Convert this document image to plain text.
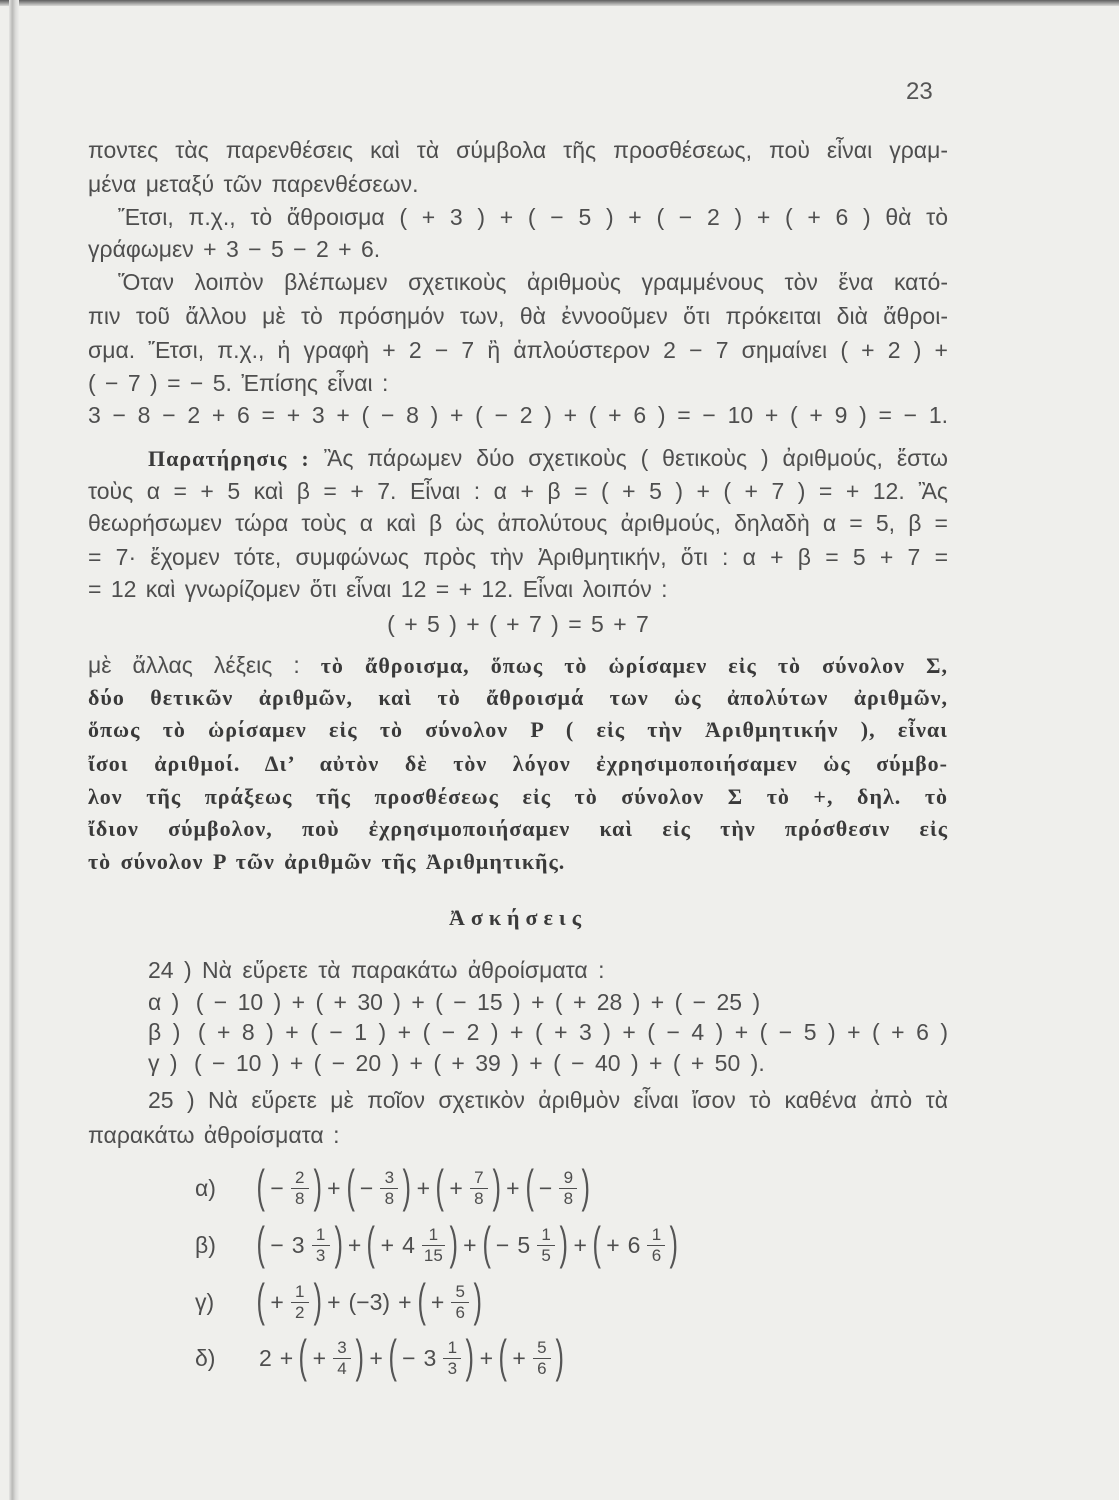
23
ποντες τὰς παρενθέσεις καὶ τὰ σύμβολα τῆς προσθέσεως, ποὺ εἶναι γραμ-
μένα μεταξύ τῶν παρενθέσεων.
Ἔτσι, π.χ., τὸ ἄθροισμα ( + 3 ) + ( − 5 ) + ( − 2 ) + ( + 6 ) θὰ τὸ
γράφωμεν + 3 − 5 − 2 + 6.
Ὅταν λοιπὸν βλέπωμεν σχετικοὺς ἀριθμοὺς γραμμένους τὸν ἕνα κατό-
πιν τοῦ ἄλλου μὲ τὸ πρόσημόν των, θὰ ἐννοοῦμεν ὅτι πρόκειται διὰ ἄθροι-
σμα. Ἔτσι, π.χ., ἡ γραφὴ + 2 − 7 ἢ ἁπλούστερον 2 − 7 σημαίνει ( + 2 ) +
( − 7 ) = − 5. Ἐπίσης εἶναι :
3 − 8 − 2 + 6 = + 3 + ( − 8 ) + ( − 2 ) + ( + 6 ) = − 10 + ( + 9 ) = − 1.
Παρατήρησις : Ἂς πάρωμεν δύο σχετικοὺς ( θετικοὺς ) ἀριθμούς, ἔστω
τοὺς α = + 5 καὶ β = + 7. Εἶναι : α + β = ( + 5 ) + ( + 7 ) = + 12. Ἂς
θεωρήσωμεν τώρα τοὺς α καὶ β ὡς ἀπολύτους ἀριθμούς, δηλαδὴ α = 5, β =
= 7· ἔχομεν τότε, συμφώνως πρὸς τὴν Ἀριθμητικήν, ὅτι : α + β = 5 + 7 =
= 12 καὶ γνωρίζομεν ὅτι εἶναι 12 = + 12. Εἶναι λοιπόν :
( + 5 ) + ( + 7 ) = 5 + 7
μὲ ἄλλας λέξεις : τὸ ἄθροισμα, ὅπως τὸ ὡρίσαμεν εἰς τὸ σύνολον Σ,
δύο θετικῶν ἀριθμῶν, καὶ τὸ ἄθροισμά των ὡς ἀπολύτων ἀριθμῶν,
ὅπως τὸ ὡρίσαμεν εἰς τὸ σύνολον Ρ ( εἰς τὴν Ἀριθμητικήν ), εἶναι
ἴσοι ἀριθμοί. Δι’ αὐτὸν δὲ τὸν λόγον ἐχρησιμοποιήσαμεν ὡς σύμβο-
λον τῆς πράξεως τῆς προσθέσεως εἰς τὸ σύνολον Σ τὸ +, δηλ. τὸ
ἴδιον σύμβολον, ποὺ ἐχρησιμοποιήσαμεν καὶ εἰς τὴν πρόσθεσιν εἰς
τὸ σύνολον Ρ τῶν ἀριθμῶν τῆς Ἀριθμητικῆς.
Ἀσκήσεις
24 ) Νὰ εὕρετε τὰ παρακάτω ἀθροίσματα :
α ) ( − 10 ) + ( + 30 ) + ( − 15 ) + ( + 28 ) + ( − 25 )
β ) ( + 8 ) + ( − 1 ) + ( − 2 ) + ( + 3 ) + ( − 4 ) + ( − 5 ) + ( + 6 )
γ ) ( − 10 ) + ( − 20 ) + ( + 39 ) + ( − 40 ) + ( + 50 ).
25 ) Νὰ εὕρετε μὲ ποῖον σχετικὸν ἀριθμὸν εἶναι ἴσον τὸ καθένα ἀπὸ τὰ
παρακάτω ἀθροίσματα :
α) ( − $\frac{2}{8}$ ) + ( − $\frac{3}{8}$ ) + ( + $\frac{7}{8}$ ) + ( − $\frac{9}{8}$ )
β) ( − $3 \frac{1}{3}$ ) + ( + $4 \frac{1}{15}$ ) + ( − $5 \frac{1}{5}$ ) + ( + $6 \frac{1}{6}$ )
γ) ( + $\frac{1}{2}$ ) + (−3) + ( + $\frac{5}{6}$ )
δ)	2 + ( + $\frac{3}{4}$ ) + ( − $3 \frac{1}{3}$ ) + ( + $\frac{5}{6}$ )
